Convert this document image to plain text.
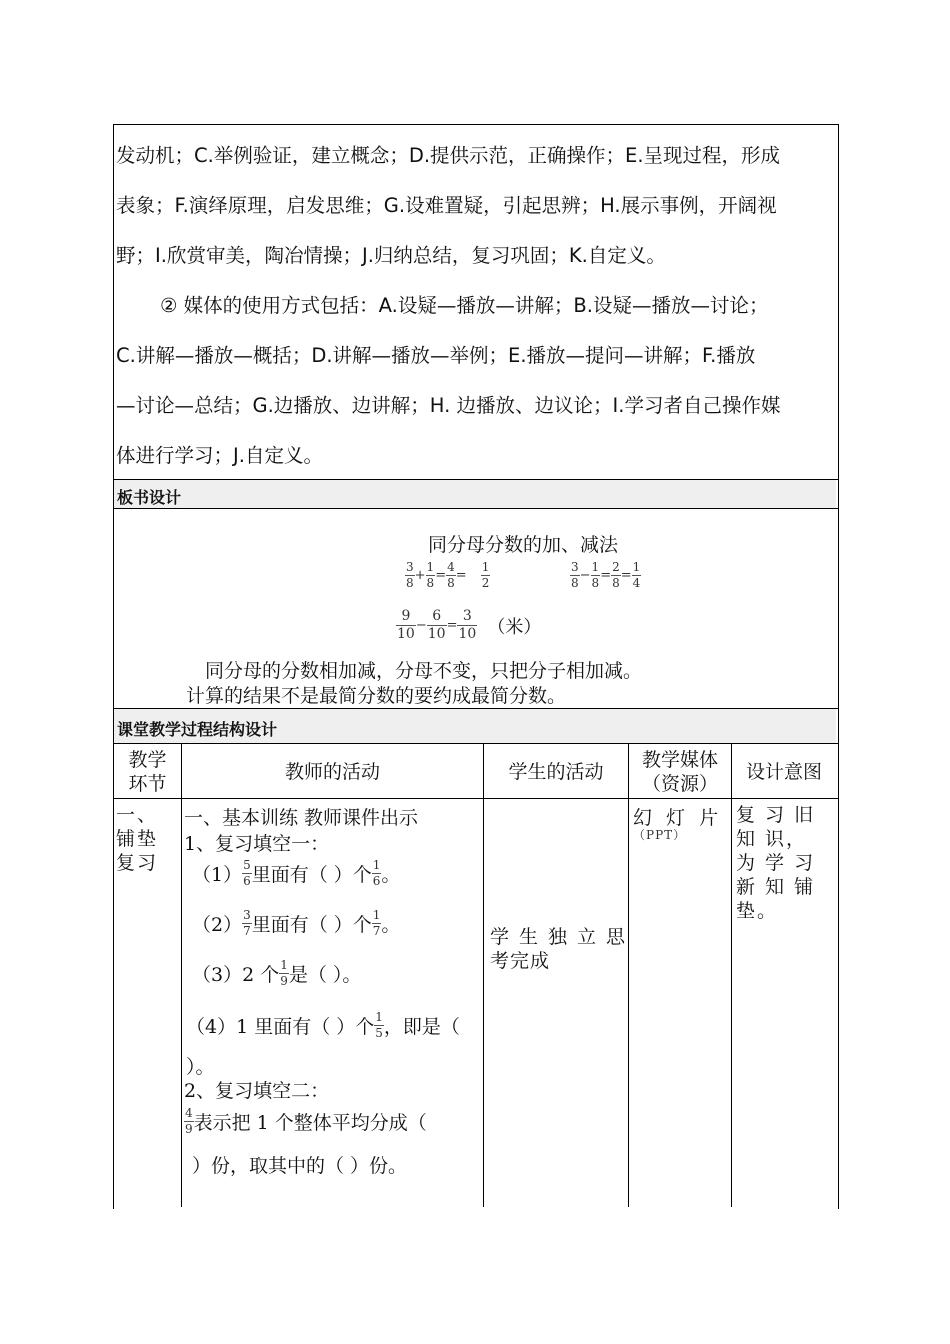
发动机；C.举例验证，建立概念；D.提供示范，正确操作；E.呈现过程，形成
表象；F.演绎原理，启发思维；G.设难置疑，引起思辨；H.展示事例，开阔视
野；I.欣赏审美，陶冶情操；J.归纳总结，复习巩固；K.自定义。
② 媒体的使用方式包括：A.设疑—播放—讲解；B.设疑—播放—讨论；
C.讲解—播放—概括；D.讲解—播放—举例；E.播放—提问—讲解；F.播放
—讨论—总结；G.边播放、边讲解；H. 边播放、边议论；I.学习者自己操作媒
体进行学习；J.自定义。
板书设计
同分母分数的加、减法
$\frac{3}{8} + \frac{1}{8} = \frac{4}{8} = \frac{1}{2}$	$\frac{3}{8} - \frac{1}{8} = \frac{2}{8} = \frac{1}{4}$
$\frac{9}{10} - \frac{6}{10} = \frac{3}{10}$ （米）
同分母的分数相加减，分母不变，只把分子相加减。
计算的结果不是最简分数的要约成最简分数。
课堂教学过程结构设计
教学
环节
教师的活动	学生的活动
教学媒体
（资源）
设计意图
一、铺垫 复习
一、基本训练 教师课件出示
1、复习填空一：
$(1) \frac{5}{6}$ 里面有（ ）个 $\frac{1}{6}$ 。
$(2) \frac{3}{7}$ 里面有（ ）个 $\frac{1}{7}$ 。
（3）2 个 $\frac{1}{9}$ 是（ ）。
（4）1 里面有（ ）个 $\frac{1}{5}$ ，即是（
）。
2、复习填空二：
$\frac{4}{9}$ 表示把 1 个整体平均分成（
）份，取其中的（ ）份。
学 生 独 立 思 考完成
幻 灯 片
（PPT）
复 习 旧 知 识， 为 学 习 新 知 铺 垫。
